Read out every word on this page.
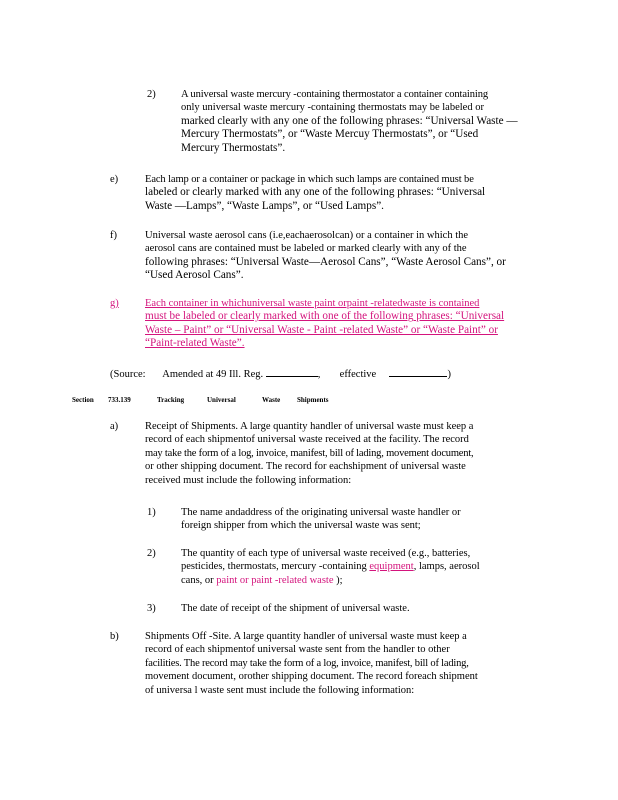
2) A universal waste mercury -containing thermostator a container containing
only universal waste mercury -containing thermostats may be labeled or
marked clearly with any one of the following phrases: “Universal Waste —
Mercury Thermostats”, or “Waste Mercuy Thermostats”, or “Used
Mercury Thermostats”.
e)	Each lamp or a container or package in which such lamps are contained must be
labeled or clearly marked with any one of the following phrases: “Universal
Waste —Lamps”, “Waste Lamps”, or “Used Lamps”.
f)	Universal waste aerosol cans (i.e,eachaerosolcan) or a container in which the
aerosol cans are contained must be labeled or marked clearly with any of the
following phrases: “Universal Waste—Aerosol Cans”, “Waste Aerosol Cans”, or
“Used Aerosol Cans”.
g)	Each container in whichuniversal waste paint orpaint -relatedwaste is contained
must be labeled or clearly marked with one of the following phrases: “Universal
Waste – Paint” or “Universal Waste - Paint -related Waste” or “Waste Paint” or
“Paint-related Waste”.
(Source: Amended at 49 Ill. Reg.	, effective	)
Section 733.139	Tracking	Universal	Waste Shipments
a)	Receipt of Shipments. A large quantity handler of universal waste must keep a
record of each shipmentof universal waste received at the facility. The record
may take the form of a log, invoice, manifest, bill of lading, movement document,
or other shipping document. The record for eachshipment of universal waste
received must include the following information:
1) The name andaddress of the originating universal waste handler or
foreign shipper from which the universal waste was sent;
2) The quantity of each type of universal waste received (e.g., batteries,
pesticides, thermostats, mercury -containing equipment, lamps, aerosol
cans, or paint or paint -related waste );
3) The date of receipt of the shipment of universal waste.
b)	Shipments Off -Site. A large quantity handler of universal waste must keep a
record of each shipmentof universal waste sent from the handler to other
facilities. The record may take the form of a log, invoice, manifest, bill of lading,
movement document, orother shipping document. The record foreach shipment
of universa l waste sent must include the following information:
